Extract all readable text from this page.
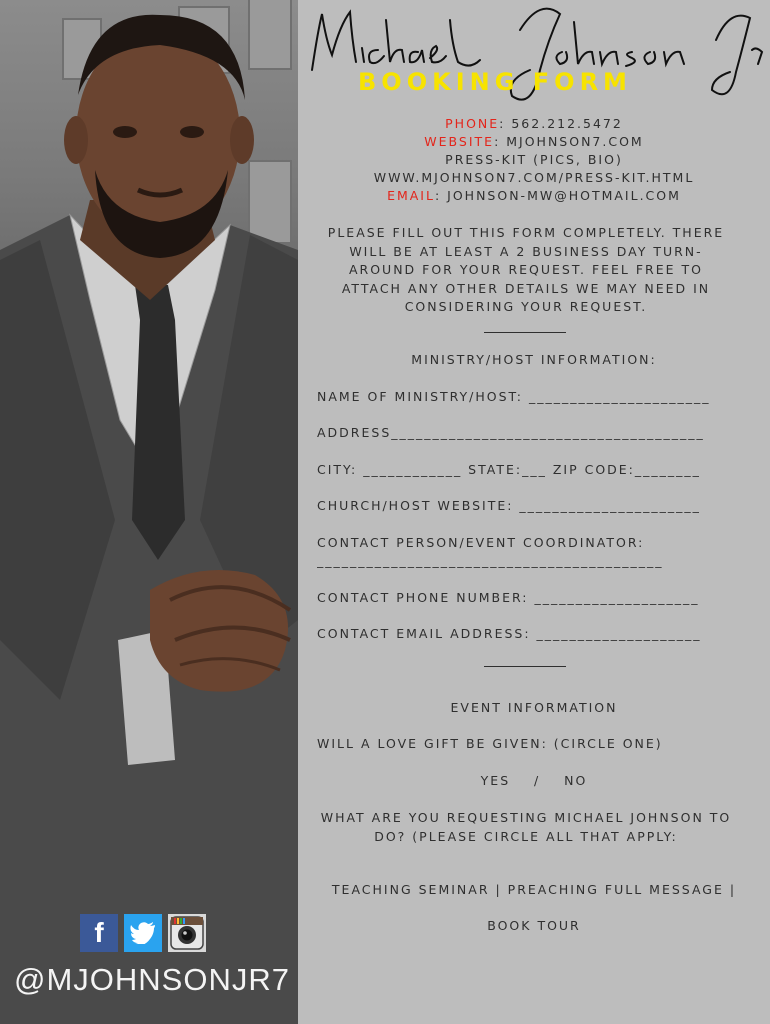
f
@MJOHNSONJR7
BOOKING FORM
PHONE: 562.212.5472
WEBSITE: MJOHNSON7.COM
PRESS-KIT (PICS, BIO)
WWW.MJOHNSON7.COM/PRESS-KIT.HTML
EMAIL: JOHNSON-MW@HOTMAIL.COM
PLEASE FILL OUT THIS FORM COMPLETELY. THERE WILL BE AT LEAST A 2 BUSINESS DAY TURN-AROUND FOR YOUR REQUEST. FEEL FREE TO ATTACH ANY OTHER DETAILS WE MAY NEED IN CONSIDERING YOUR REQUEST.
MINISTRY/HOST INFORMATION:
NAME OF MINISTRY/HOST: ______________________
ADDRESS______________________________________
CITY: ____________ STATE:___ ZIP CODE:________
CHURCH/HOST WEBSITE: ______________________
CONTACT PERSON/EVENT COORDINATOR:
__________________________________________
CONTACT PHONE NUMBER: ____________________
CONTACT EMAIL ADDRESS: ____________________
EVENT INFORMATION
WILL A LOVE GIFT BE GIVEN: (CIRCLE ONE)
YES    /    NO
WHAT ARE YOU REQUESTING MICHAEL JOHNSON TO DO? (PLEASE CIRCLE ALL THAT APPLY:
TEACHING SEMINAR | PREACHING FULL MESSAGE |
BOOK TOUR
